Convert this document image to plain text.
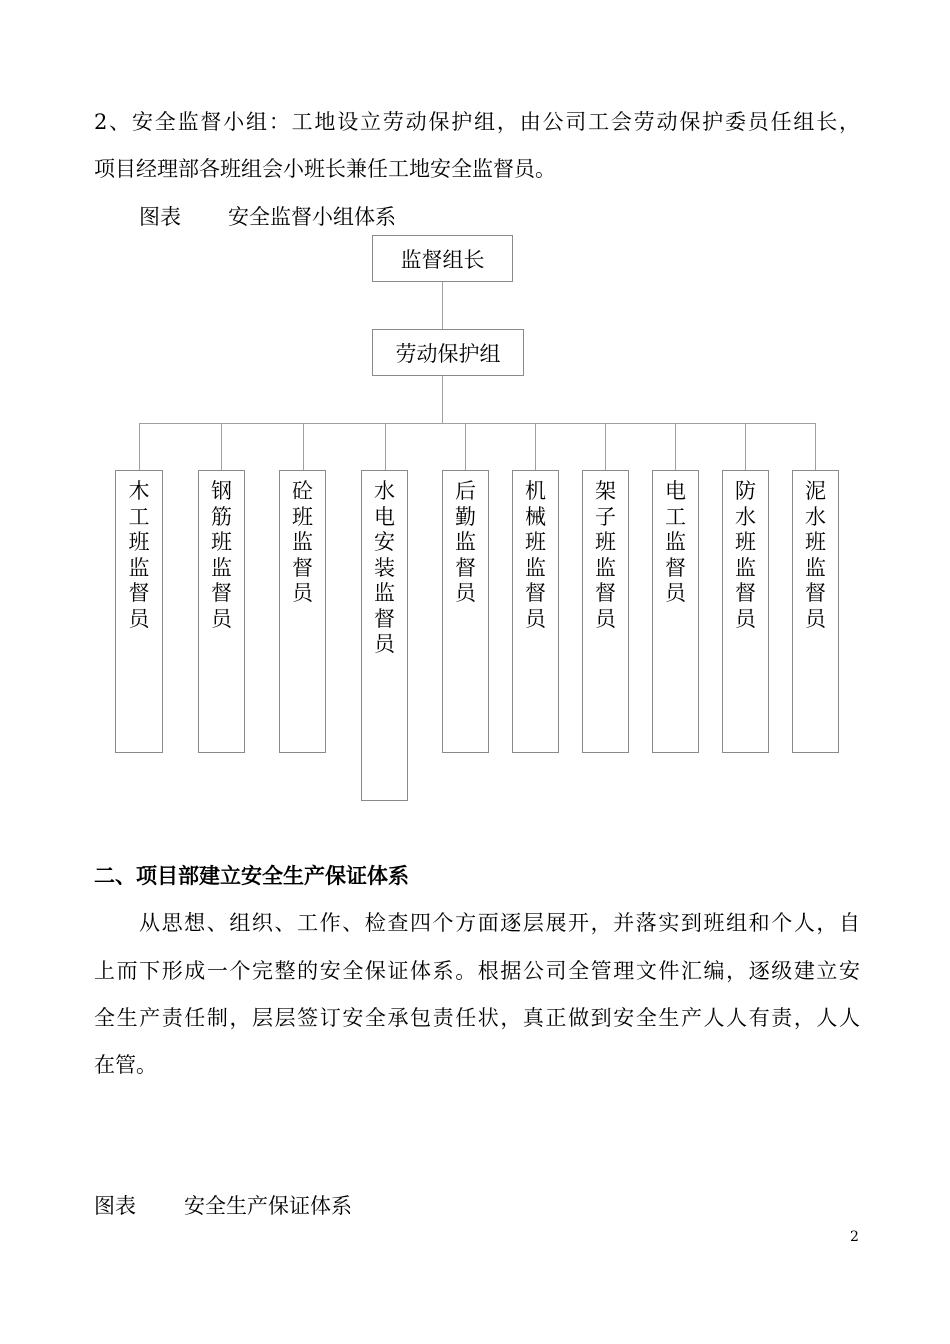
2、安全监督小组：工地设立劳动保护组，由公司工会劳动保护委员任组长，
项目经理部各班组会小班长兼任工地安全监督员。
图表 安全监督小组体系
监督组长
劳动保护组
木工班监督员
钢筋班监督员
砼班监督员
水电安装监督员
后勤监督员
机械班监督员
架子班监督员
电工监督员
防水班监督员
泥水班监督员
二、项目部建立安全生产保证体系
从思想、组织、工作、检查四个方面逐层展开，并落实到班组和个人，自
上而下形成一个完整的安全保证体系。根据公司全管理文件汇编，逐级建立安
全生产责任制，层层签订安全承包责任状，真正做到安全生产人人有责，人人
在管。
图表 安全生产保证体系
2
